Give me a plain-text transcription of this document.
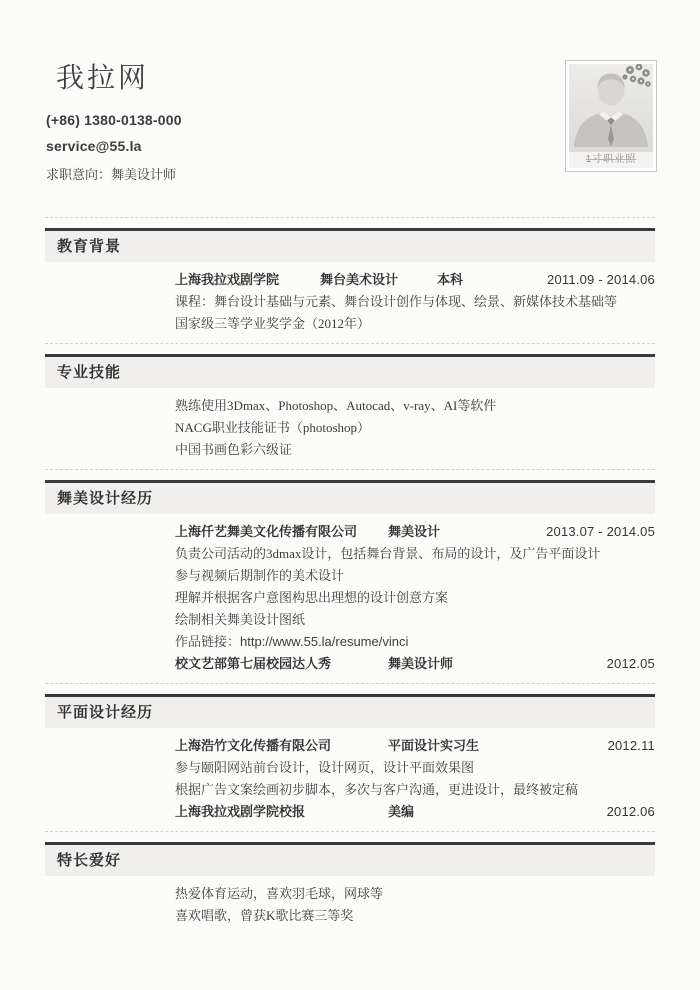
我拉网
(+86) 1380-0138-000
service@55.la
求职意向：舞美设计师
1寸职业照
教育背景
上海我拉戏剧学院	舞台美术设计	本科	2011.09 - 2014.06
课程：舞台设计基础与元素、舞台设计创作与体现、绘景、新媒体技术基础等
国家级三等学业奖学金（2012年）
专业技能
熟练使用3Dmax、Photoshop、Autocad、v-ray、AI等软件
NACG职业技能证书（photoshop）
中国书画色彩六级证
舞美设计经历
上海仟艺舞美文化传播有限公司	舞美设计	2013.07 - 2014.05
负责公司活动的3dmax设计，包括舞台背景、布局的设计，及广告平面设计
参与视频后期制作的美术设计
理解并根据客户意图构思出理想的设计创意方案
绘制相关舞美设计图纸
作品链接：http://www.55.la/resume/vinci
校文艺部第七届校园达人秀	舞美设计师	2012.05
平面设计经历
上海浩竹文化传播有限公司	平面设计实习生	2012.11
参与颐阳网站前台设计，设计网页，设计平面效果图
根据广告文案绘画初步脚本，多次与客户沟通，更进设计，最终被定稿
上海我拉戏剧学院校报	美编	2012.06
特长爱好
热爱体育运动，喜欢羽毛球，网球等
喜欢唱歌，曾获K歌比赛三等奖
